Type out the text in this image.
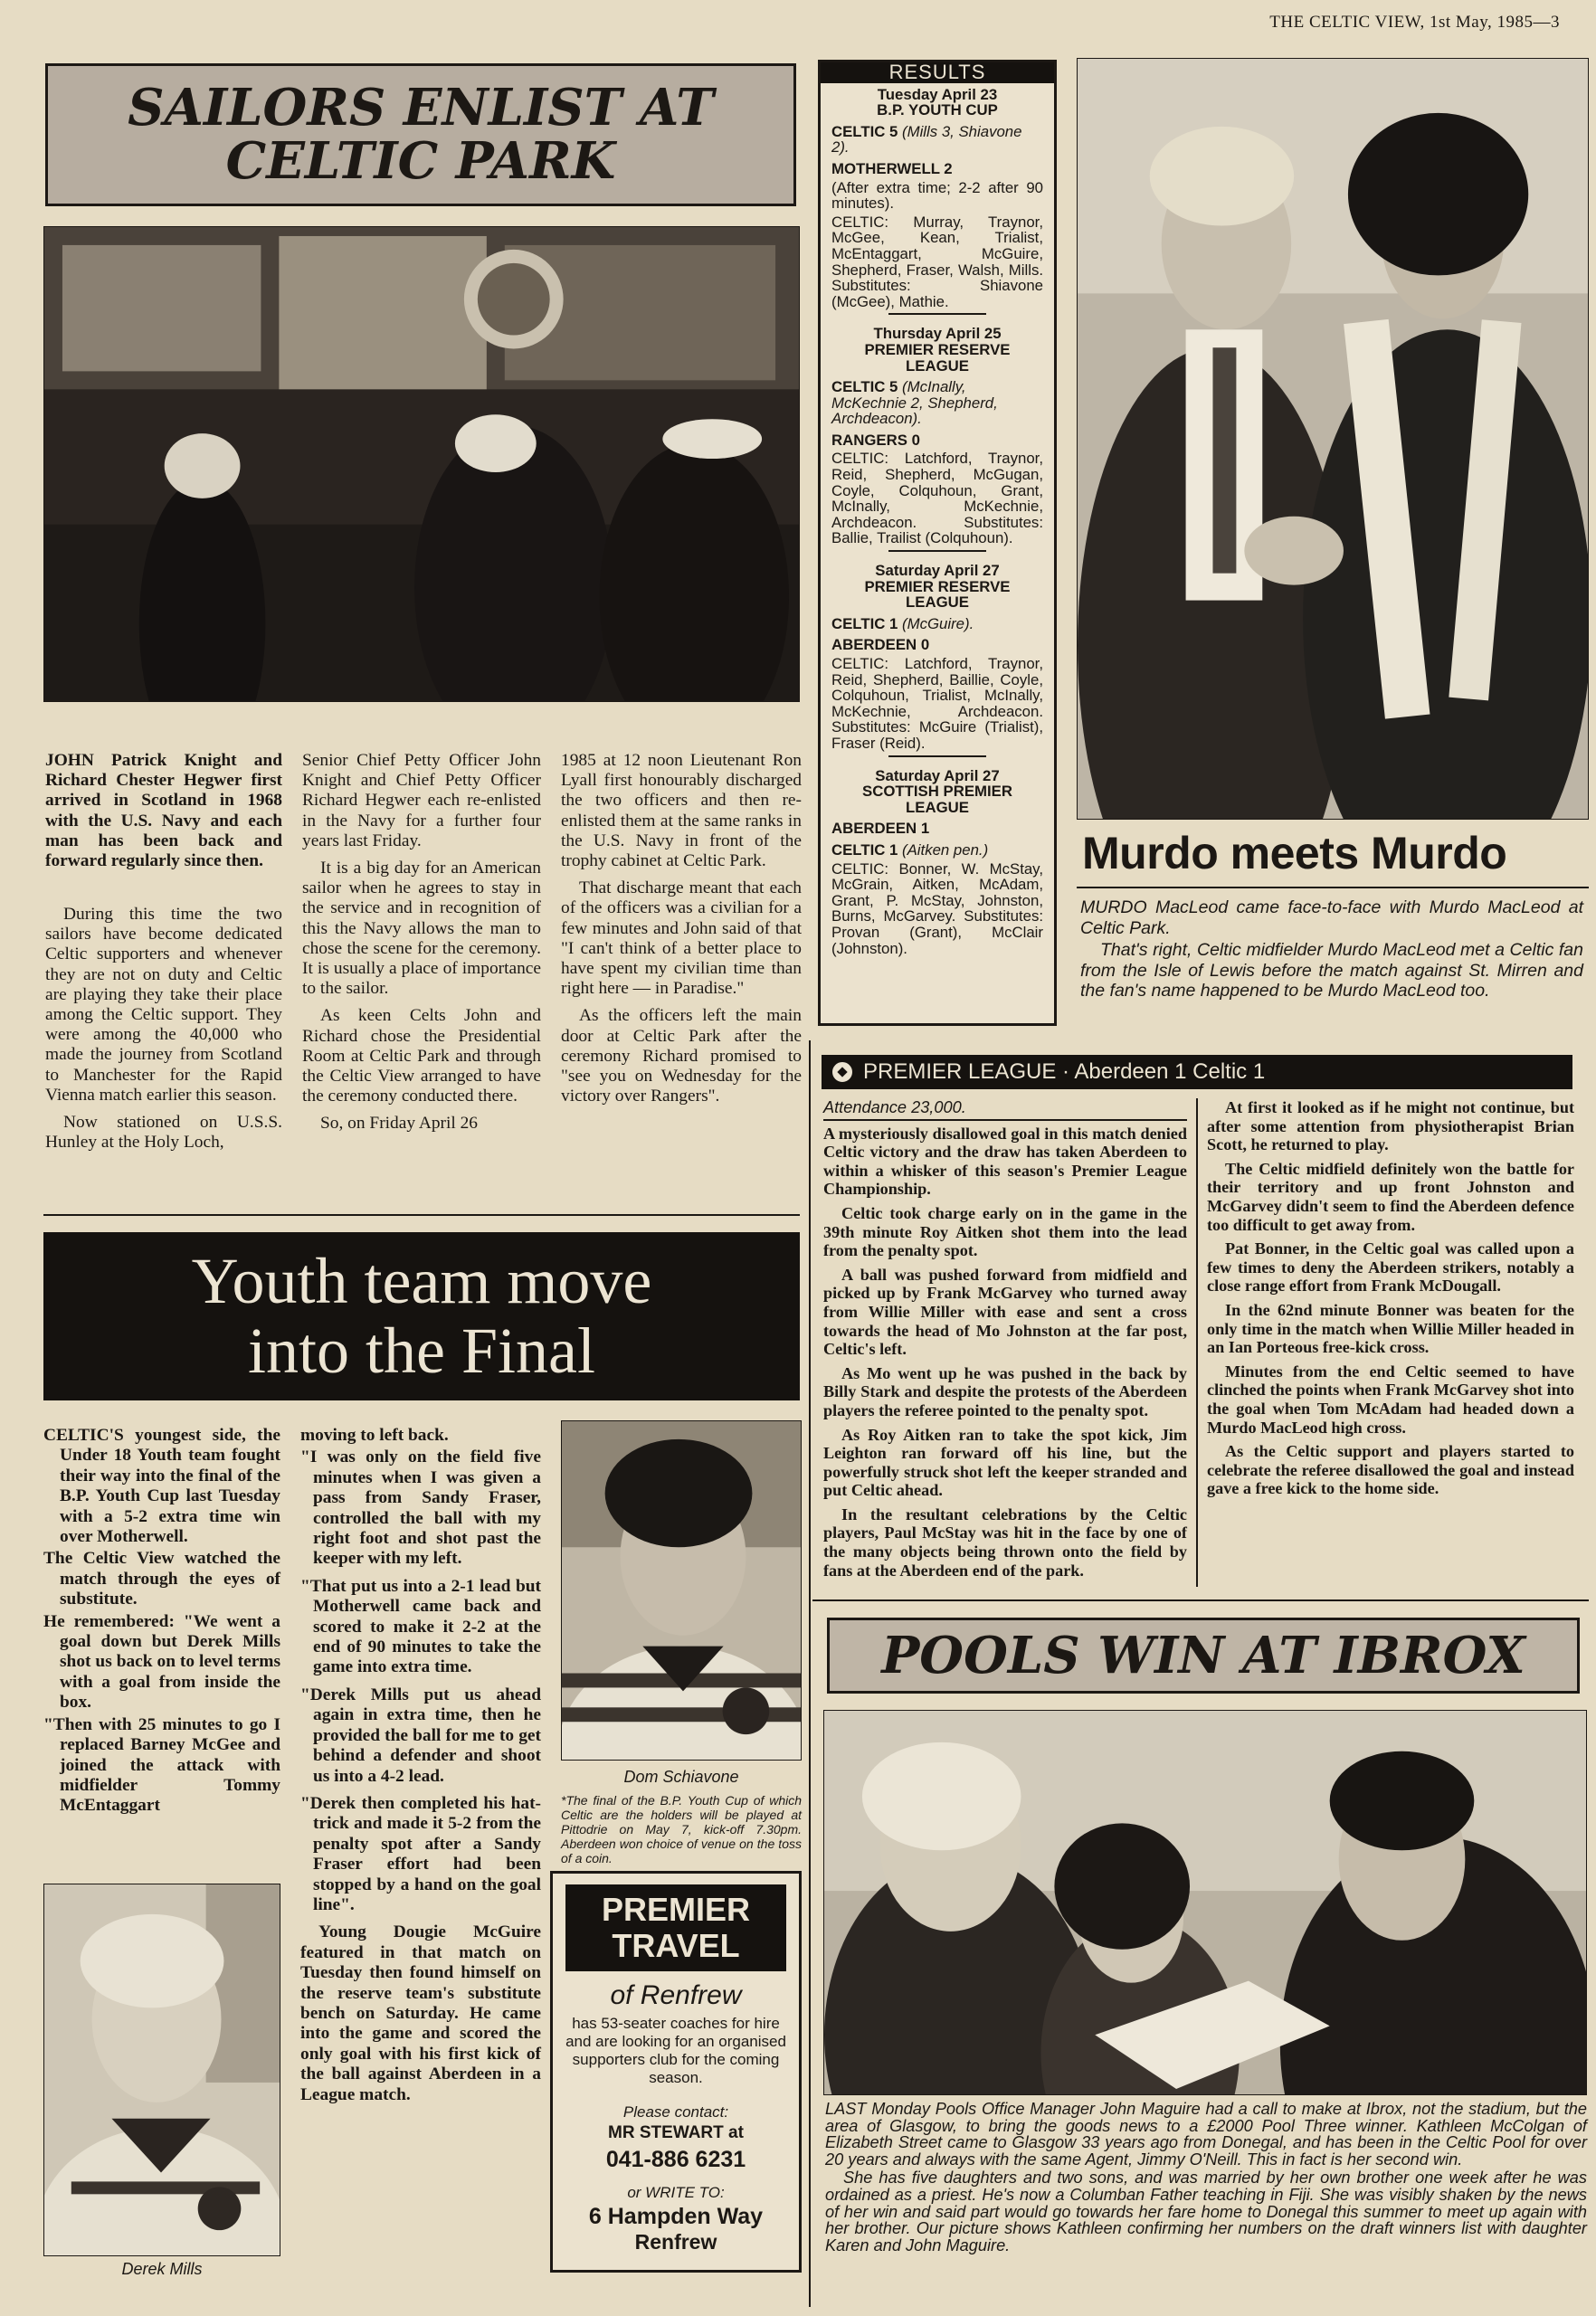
THE CELTIC VIEW, 1st May, 1985—3
SAILORS ENLIST AT
CELTIC PARK

JOHN Patrick Knight and Richard Chester Hegwer first arrived in Scotland in 1968 with the U.S. Navy and each man has been back and forward regularly since then.

During this time the two sailors have become dedicated Celtic supporters and whenever they are not on duty and Celtic are playing they take their place among the Celtic support. They were among the 40,000 who made the journey from Scotland to Manchester for the Rapid Vienna match earlier this season.

Now stationed on U.S.S. Hunley at the Holy Loch,

Senior Chief Petty Officer John Knight and Chief Petty Officer Richard Hegwer each re-enlisted in the Navy for a further four years last Friday.

It is a big day for an American sailor when he agrees to stay in the service and in recognition of this the Navy allows the man to chose the scene for the ceremony. It is usually a place of importance to the sailor.

As keen Celts John and Richard chose the Presidential Room at Celtic Park and through the Celtic View arranged to have the ceremony conducted there.

So, on Friday April 26

1985 at 12 noon Lieutenant Ron Lyall first honourably discharged the two officers and then re-enlisted them at the same ranks in the U.S. Navy in front of the trophy cabinet at Celtic Park.

That discharge meant that each of the officers was a civilian for a few minutes and John said of that "I can't think of a better place to have spent my civilian time than right here — in Paradise."

As the officers left the main door at Celtic Park after the ceremony Richard promised to "see you on Wednesday for the victory over Rangers".

RESULTS
Tuesday April 23
B.P. YOUTH CUP
CELTIC 5 (Mills 3, Shiavone 2).
MOTHERWELL 2
(After extra time; 2-2 after 90 minutes).
CELTIC: Murray, Traynor, McGee, Kean, Trialist, McEntaggart, McGuire, Shepherd, Fraser, Walsh, Mills. Substitutes: Shiavone (McGee), Mathie.
Thursday April 25
PREMIER RESERVE LEAGUE
CELTIC 5 (McInally, McKechnie 2, Shepherd, Archdeacon).
RANGERS 0
CELTIC: Latchford, Traynor, Reid, Shepherd, McGugan, Coyle, Colquhoun, Grant, McInally, McKechnie, Archdeacon. Substitutes: Ballie, Trailist (Colquhoun).
Saturday April 27
PREMIER RESERVE LEAGUE
CELTIC 1 (McGuire).
ABERDEEN 0
CELTIC: Latchford, Traynor, Reid, Shepherd, Baillie, Coyle, Colquhoun, Trialist, McInally, McKechnie, Archdeacon. Substitutes: McGuire (Trialist), Fraser (Reid).
Saturday April 27
SCOTTISH PREMIER LEAGUE
ABERDEEN 1
CELTIC 1 (Aitken pen.)
CELTIC: Bonner, W. McStay, McGrain, Aitken, McAdam, Grant, P. McStay, Johnston, Burns, McGarvey. Substitutes: Provan (Grant), McClair (Johnston).
Murdo meets Murdo

MURDO MacLeod came face-to-face with Murdo MacLeod at Celtic Park.

That's right, Celtic midfielder Murdo MacLeod met a Celtic fan from the Isle of Lewis before the match against St. Mirren and the fan's name happened to be Murdo MacLeod too.

PREMIER LEAGUE · Aberdeen 1 Celtic 1

Attendance 23,000.

A mysteriously disallowed goal in this match denied Celtic victory and the draw has taken Aberdeen to within a whisker of this season's Premier League Championship.

Celtic took charge early on in the game in the 39th minute Roy Aitken shot them into the lead from the penalty spot.

A ball was pushed forward from midfield and picked up by Frank McGarvey who turned away from Willie Miller with ease and sent a cross towards the head of Mo Johnston at the far post, Celtic's left.

As Mo went up he was pushed in the back by Billy Stark and despite the protests of the Aberdeen players the referee pointed to the penalty spot.

As Roy Aitken ran to take the spot kick, Jim Leighton ran forward off his line, but the powerfully struck shot left the keeper stranded and put Celtic ahead.

In the resultant celebrations by the Celtic players, Paul McStay was hit in the face by one of the many objects being thrown onto the field by fans at the Aberdeen end of the park.

At first it looked as if he might not continue, but after some attention from physiotherapist Brian Scott, he returned to play.

The Celtic midfield definitely won the battle for their territory and up front Johnston and McGarvey didn't seem to find the Aberdeen defence too difficult to get away from.

Pat Bonner, in the Celtic goal was called upon a few times to deny the Aberdeen strikers, notably a close range effort from Frank McDougall.

In the 62nd minute Bonner was beaten for the only time in the match when Willie Miller headed in an Ian Porteous free-kick cross.

Minutes from the end Celtic seemed to have clinched the points when Frank McGarvey shot into the goal when Tom McAdam had headed down a Murdo MacLeod high cross.

As the Celtic support and players started to celebrate the referee disallowed the goal and instead gave a free kick to the home side.

Youth team move
into the Final

CELTIC'S youngest side, the Under 18 Youth team fought their way into the final of the B.P. Youth Cup last Tuesday with a 5-2 extra time win over Motherwell.

The Celtic View watched the match through the eyes of substitute.

He remembered: "We went a goal down but Derek Mills shot us back on to level terms with a goal from inside the box.

"Then with 25 minutes to go I replaced Barney McGee and joined the attack with midfielder Tommy McEntaggart

Derek Mills

moving to left back.

"I was only on the field five minutes when I was given a pass from Sandy Fraser, controlled the ball with my right foot and shot past the keeper with my left.

"That put us into a 2-1 lead but Motherwell came back and scored to make it 2-2 at the end of 90 minutes to take the game into extra time.

"Derek Mills put us ahead again in extra time, then he provided the ball for me to get behind a defender and shoot us into a 4-2 lead.

"Derek then completed his hat-trick and made it 5-2 from the penalty spot after a Sandy Fraser effort had been stopped by a hand on the goal line".

Young Dougie McGuire featured in that match on Tuesday then found himself on the reserve team's substitute bench on Saturday. He came into the game and scored the only goal with his first kick of the ball against Aberdeen in a League match.

Dom Schiavone
*The final of the B.P. Youth Cup of which Celtic are the holders will be played at Pittodrie on May 7, kick-off 7.30pm. Aberdeen won choice of venue on the toss of a coin.
PREMIER
TRAVEL
of Renfrew
has 53-seater coaches for hire and are looking for an organised supporters club for the coming season.
Please contact:
MR STEWART at
041-886 6231
or WRITE TO:
6 Hampden Way
Renfrew
POOLS WIN AT IBROX

LAST Monday Pools Office Manager John Maguire had a call to make at Ibrox, not the stadium, but the area of Glasgow, to bring the goods news to a £2000 Pool Three winner. Kathleen McColgan of Elizabeth Street came to Glasgow 33 years ago from Donegal, and has been in the Celtic Pool for over 20 years and always with the same Agent, Jimmy O'Neill. This in fact is her second win.

She has five daughters and two sons, and was married by her own brother one week after he was ordained as a priest. He's now a Columban Father teaching in Fiji. She was visibly shaken by the news of her win and said part would go towards her fare home to Donegal this summer to meet up again with her brother. Our picture shows Kathleen confirming her numbers on the draft winners list with daughter Karen and John Maguire.
